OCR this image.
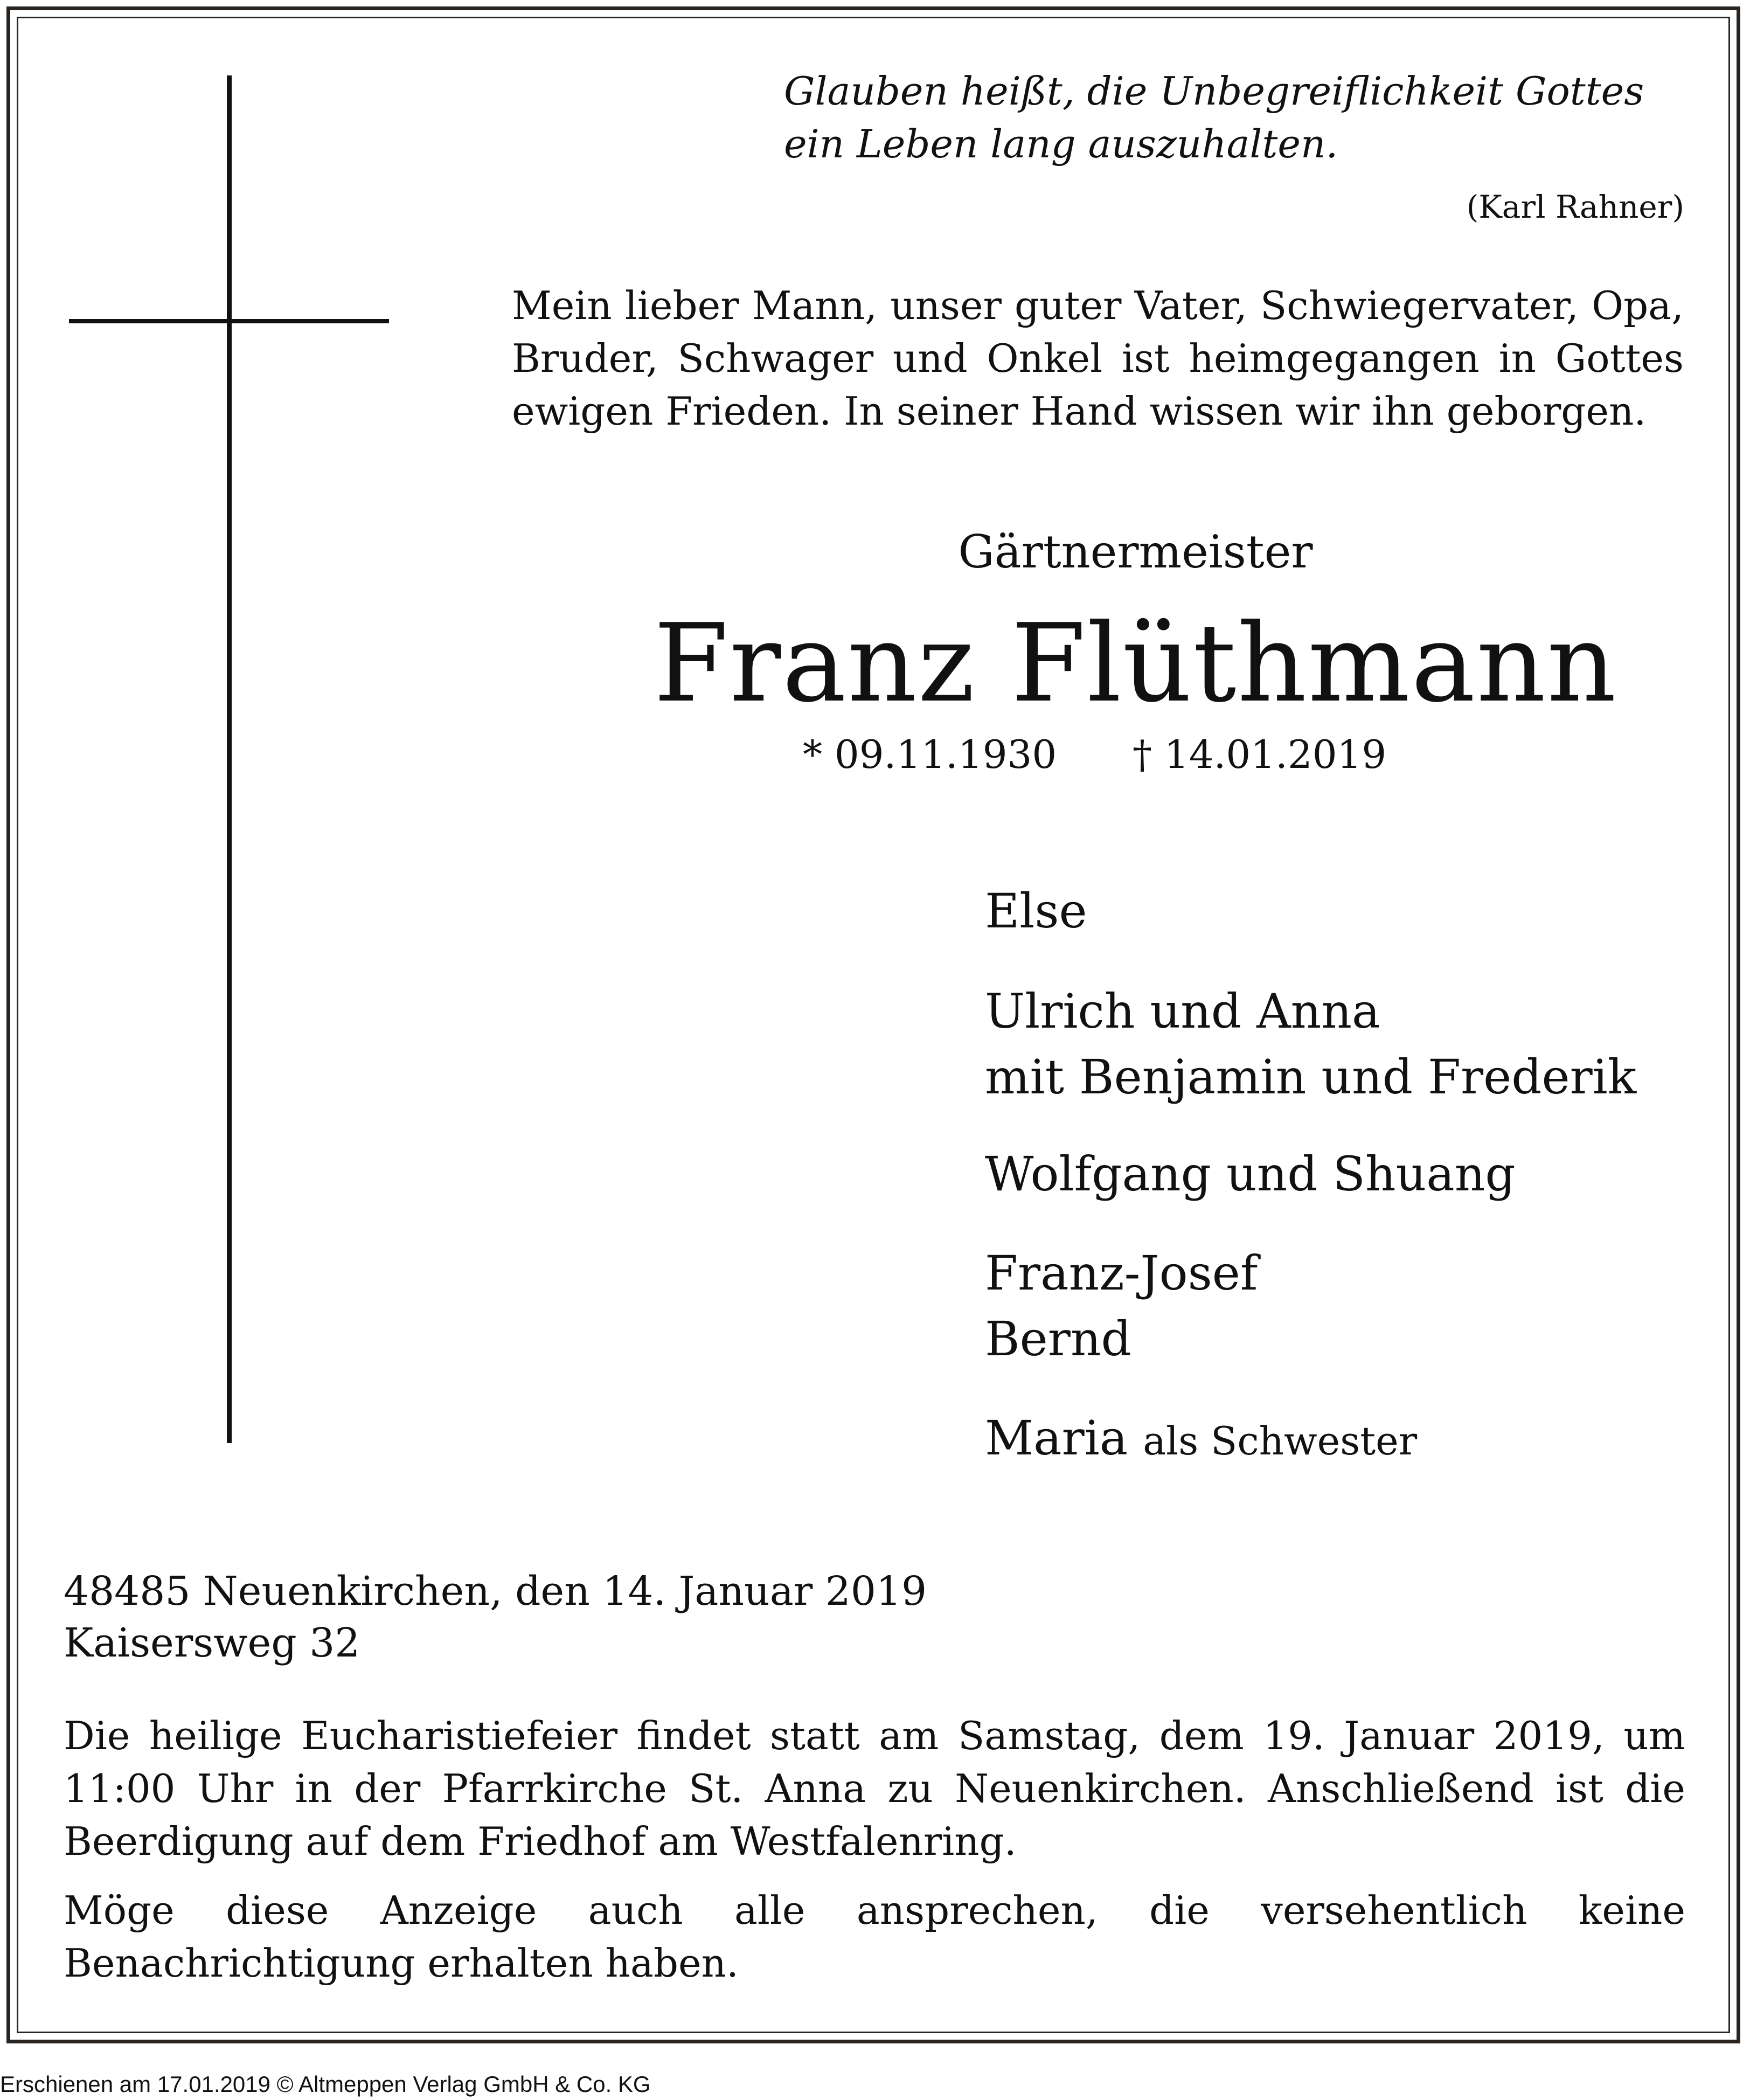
Glauben heißt, die Unbegreiflichkeit Gottes
ein Leben lang auszuhalten.
(Karl Rahner)

Mein lieber Mann, unser guter Vater, Schwiegervater, Opa, Bruder, Schwager und Onkel ist heimgegangen in Gottes ewigen Frieden. In seiner Hand wissen wir ihn geborgen.

Gärtnermeister
Franz Flüthmann
* 09.11.1930 † 14.01.2019
Else
Ulrich und Anna
mit Benjamin und Frederik
Wolfgang und Shuang
Franz-Josef
Bernd
Maria als Schwester
48485 Neuenkirchen, den 14. Januar 2019
Kaisersweg 32
Die heilige Eucharistiefeier findet statt am Samstag, dem 19. Januar 2019, um 11:00 Uhr in der Pfarrkirche St. Anna zu Neuenkirchen. Anschließend ist die Beerdigung auf dem Friedhof am Westfalenring.
Möge diese Anzeige auch alle ansprechen, die versehentlich keine Benachrichtigung erhalten haben.
Erschienen am 17.01.2019 © Altmeppen Verlag GmbH & Co. KG
